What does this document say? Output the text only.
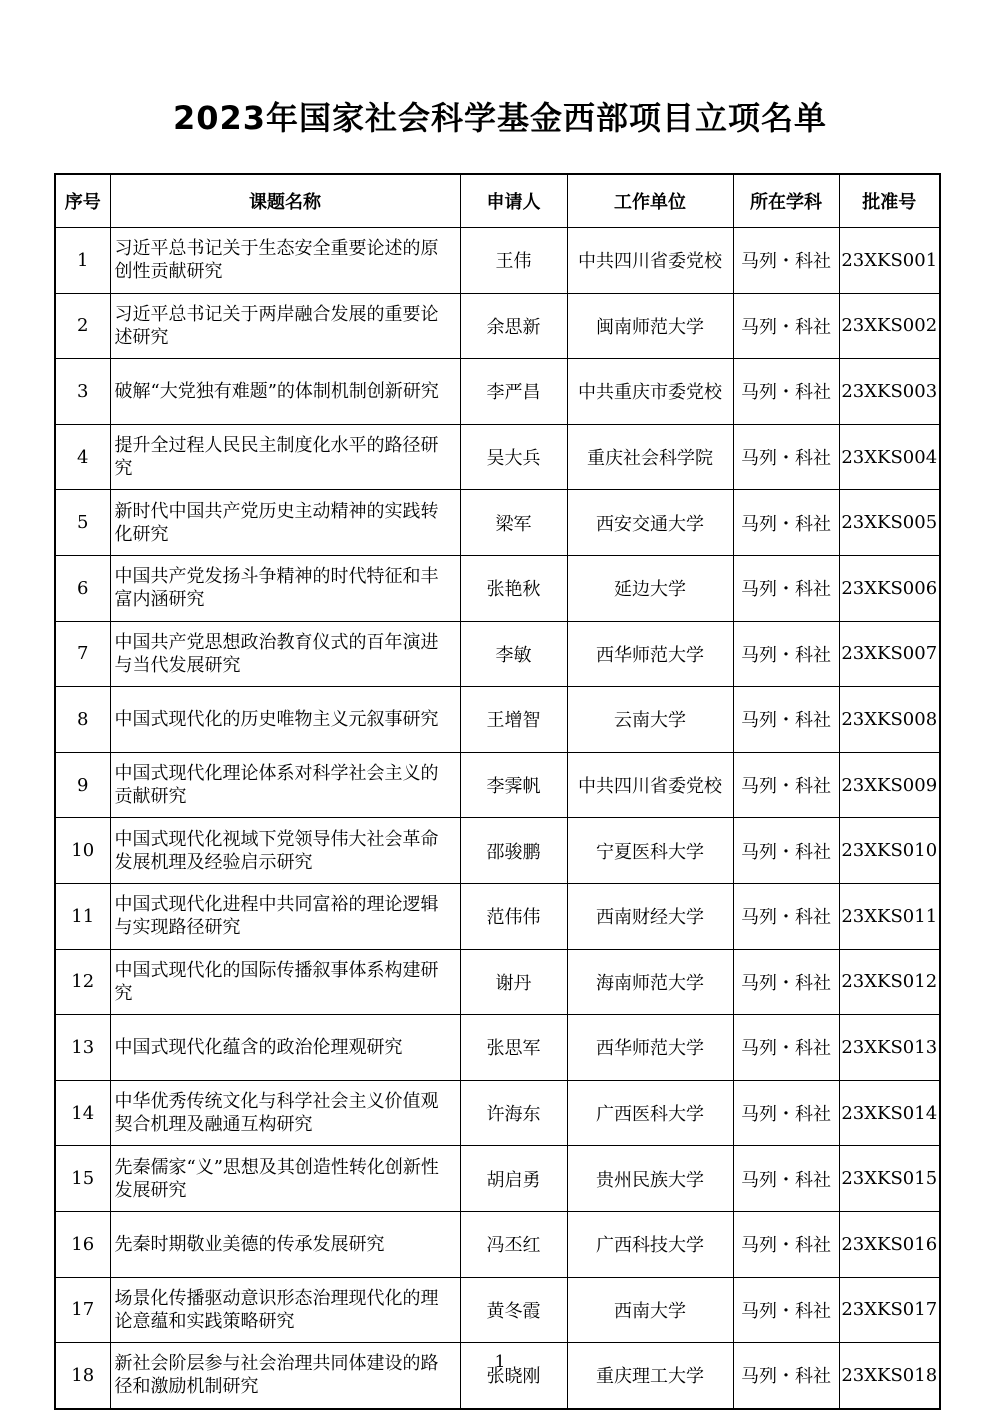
2023年国家社会科学基金西部项目立项名单
序号	课题名称	申请人	工作单位	所在学科	批准号
1	习近平总书记关于生态安全重要论述的原创性贡献研究	王伟	中共四川省委党校	马列・科社	23XKS001
2	习近平总书记关于两岸融合发展的重要论述研究	余思新	闽南师范大学	马列・科社	23XKS002
3	破解“大党独有难题”的体制机制创新研究	李严昌	中共重庆市委党校	马列・科社	23XKS003
4	提升全过程人民民主制度化水平的路径研究	吴大兵	重庆社会科学院	马列・科社	23XKS004
5	新时代中国共产党历史主动精神的实践转化研究	梁军	西安交通大学	马列・科社	23XKS005
6	中国共产党发扬斗争精神的时代特征和丰富内涵研究	张艳秋	延边大学	马列・科社	23XKS006
7	中国共产党思想政治教育仪式的百年演进与当代发展研究	李敏	西华师范大学	马列・科社	23XKS007
8	中国式现代化的历史唯物主义元叙事研究	王增智	云南大学	马列・科社	23XKS008
9	中国式现代化理论体系对科学社会主义的贡献研究	李霁帆	中共四川省委党校	马列・科社	23XKS009
10	中国式现代化视域下党领导伟大社会革命发展机理及经验启示研究	邵骏鹏	宁夏医科大学	马列・科社	23XKS010
11	中国式现代化进程中共同富裕的理论逻辑与实现路径研究	范伟伟	西南财经大学	马列・科社	23XKS011
12	中国式现代化的国际传播叙事体系构建研究	谢丹	海南师范大学	马列・科社	23XKS012
13	中国式现代化蕴含的政治伦理观研究	张思军	西华师范大学	马列・科社	23XKS013
14	中华优秀传统文化与科学社会主义价值观契合机理及融通互构研究	许海东	广西医科大学	马列・科社	23XKS014
15	先秦儒家“义”思想及其创造性转化创新性发展研究	胡启勇	贵州民族大学	马列・科社	23XKS015
16	先秦时期敬业美德的传承发展研究	冯丕红	广西科技大学	马列・科社	23XKS016
17	场景化传播驱动意识形态治理现代化的理论意蕴和实践策略研究	黄冬霞	西南大学	马列・科社	23XKS017
18	新社会阶层参与社会治理共同体建设的路径和激励机制研究	张晓刚	重庆理工大学	马列・科社	23XKS018
1
